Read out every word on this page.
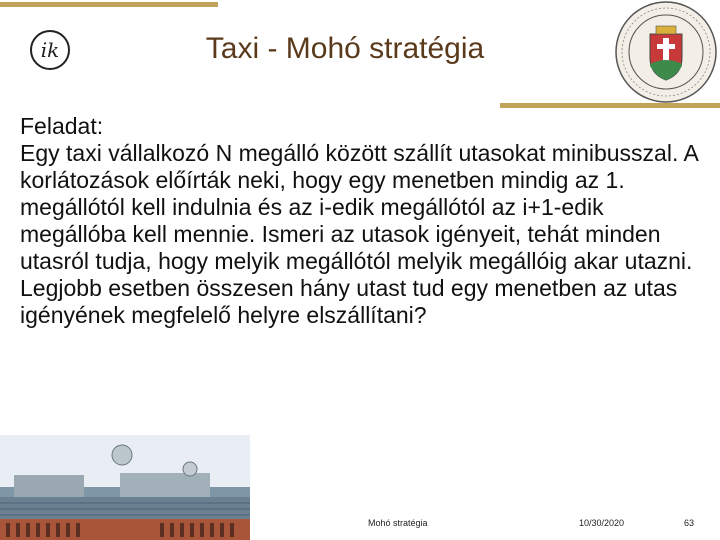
ik	Taxi - Mohó stratégia
Feladat:
Egy taxi vállalkozó N megálló között szállít utasokat minibusszal. A korlátozások előírták neki, hogy egy menetben mindig az 1. megállótól kell indulnia és az i-edik megállótól az i+1-edik megállóba kell mennie. Ismeri az utasok igényeit, tehát minden utasról tudja, hogy melyik megállótól melyik megállóig akar utazni. Legjobb esetben összesen hány utast tud egy menetben az utas igényének megfelelő helyre elszállítani?
Mohó stratégia	10/30/2020	63
